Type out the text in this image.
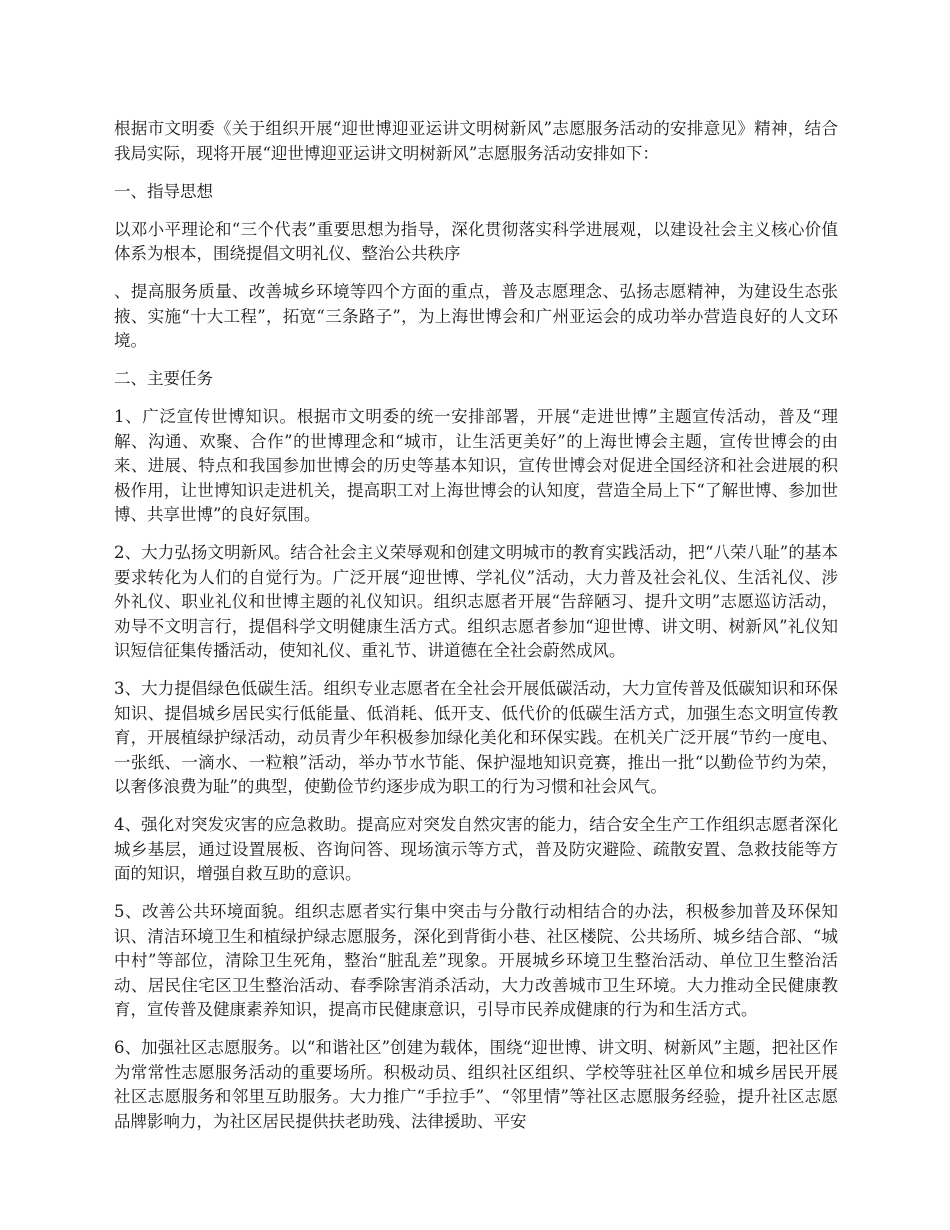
根据市文明委《关于组织开展“迎世博迎亚运讲文明树新风”志愿服务活动的安排意见》精神，结合我局实际，现将开展“迎世博迎亚运讲文明树新风”志愿服务活动安排如下：

一、指导思想

以邓小平理论和“三个代表”重要思想为指导，深化贯彻落实科学进展观，以建设社会主义核心价值体系为根本，围绕提倡文明礼仪、整治公共秩序

、提高服务质量、改善城乡环境等四个方面的重点，普及志愿理念、弘扬志愿精神，为建设生态张掖、实施“十大工程”，拓宽“三条路子”，为上海世博会和广州亚运会的成功举办营造良好的人文环境。

二、主要任务

1、广泛宣传世博知识。根据市文明委的统一安排部署，开展“走进世博”主题宣传活动，普及“理解、沟通、欢聚、合作”的世博理念和“城市，让生活更美好”的上海世博会主题，宣传世博会的由来、进展、特点和我国参加世博会的历史等基本知识，宣传世博会对促进全国经济和社会进展的积极作用，让世博知识走进机关，提高职工对上海世博会的认知度，营造全局上下“了解世博、参加世博、共享世博”的良好氛围。

2、大力弘扬文明新风。结合社会主义荣辱观和创建文明城市的教育实践活动，把“八荣八耻”的基本要求转化为人们的自觉行为。广泛开展“迎世博、学礼仪”活动，大力普及社会礼仪、生活礼仪、涉外礼仪、职业礼仪和世博主题的礼仪知识。组织志愿者开展“告辞陋习、提升文明”志愿巡访活动，劝导不文明言行，提倡科学文明健康生活方式。组织志愿者参加“迎世博、讲文明、树新风”礼仪知识短信征集传播活动，使知礼仪、重礼节、讲道德在全社会蔚然成风。

3、大力提倡绿色低碳生活。组织专业志愿者在全社会开展低碳活动，大力宣传普及低碳知识和环保知识、提倡城乡居民实行低能量、低消耗、低开支、低代价的低碳生活方式，加强生态文明宣传教育，开展植绿护绿活动，动员青少年积极参加绿化美化和环保实践。在机关广泛开展“节约一度电、一张纸、一滴水、一粒粮”活动，举办节水节能、保护湿地知识竞赛，推出一批“以勤俭节约为荣，以奢侈浪费为耻”的典型，使勤俭节约逐步成为职工的行为习惯和社会风气。

4、强化对突发灾害的应急救助。提高应对突发自然灾害的能力，结合安全生产工作组织志愿者深化城乡基层，通过设置展板、咨询问答、现场演示等方式，普及防灾避险、疏散安置、急救技能等方面的知识，增强自救互助的意识。

5、改善公共环境面貌。组织志愿者实行集中突击与分散行动相结合的办法，积极参加普及环保知识、清洁环境卫生和植绿护绿志愿服务，深化到背街小巷、社区楼院、公共场所、城乡结合部、“城中村”等部位，清除卫生死角，整治“脏乱差”现象。开展城乡环境卫生整治活动、单位卫生整治活动、居民住宅区卫生整治活动、春季除害消杀活动，大力改善城市卫生环境。大力推动全民健康教育，宣传普及健康素养知识，提高市民健康意识，引导市民养成健康的行为和生活方式。

6、加强社区志愿服务。以“和谐社区”创建为载体，围绕“迎世博、讲文明、树新风”主题，把社区作为常常性志愿服务活动的重要场所。积极动员、组织社区组织、学校等驻社区单位和城乡居民开展社区志愿服务和邻里互助服务。大力推广“手拉手”、“邻里情”等社区志愿服务经验，提升社区志愿品牌影响力，为社区居民提供扶老助残、法律援助、平安
